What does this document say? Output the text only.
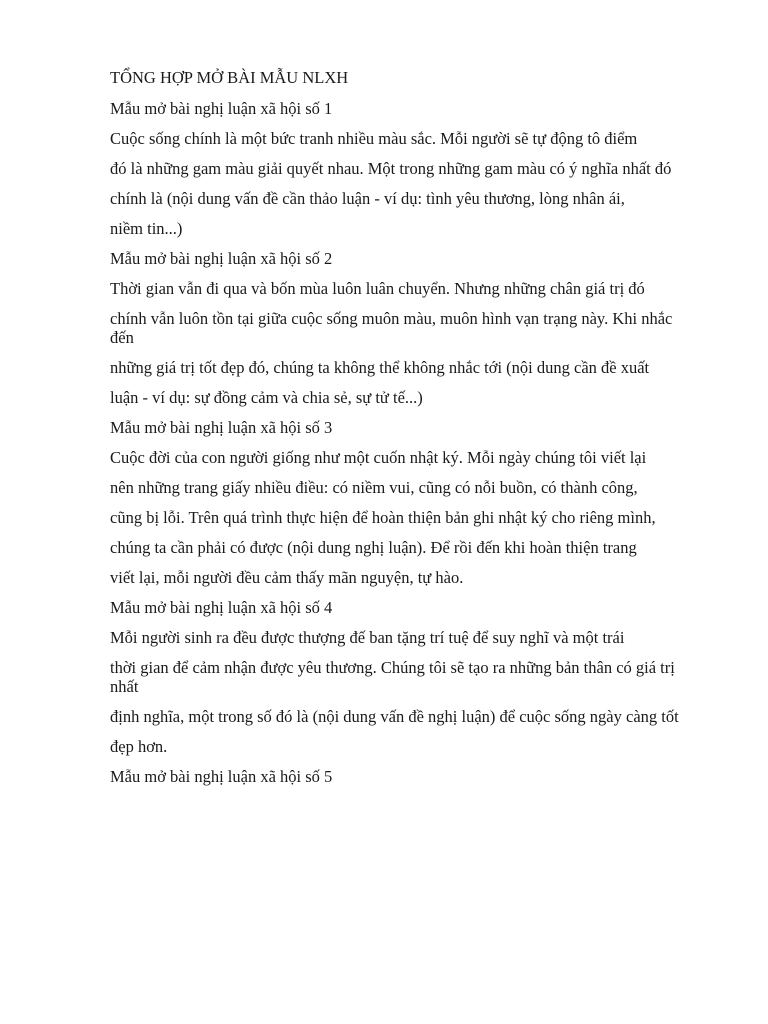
TỔNG HỢP MỞ BÀI MẪU NLXH
Mẫu mở bài nghị luận xã hội số 1
Cuộc sống chính là một bức tranh nhiều màu sắc. Mỗi người sẽ tự động tô điểm
đó là những gam màu giải quyết nhau. Một trong những gam màu có ý nghĩa nhất đó
chính là (nội dung vấn đề cần thảo luận - ví dụ: tình yêu thương, lòng nhân ái,
niềm tin...)
Mẫu mở bài nghị luận xã hội số 2
Thời gian vẫn đi qua và bốn mùa luôn luân chuyển. Nhưng những chân giá trị đó
chính vẫn luôn tồn tại giữa cuộc sống muôn màu, muôn hình vạn trạng này. Khi nhắc đến
những giá trị tốt đẹp đó, chúng ta không thể không nhắc tới (nội dung cần đề xuất
luận - ví dụ: sự đồng cảm và chia sẻ, sự tử tế...)
Mẫu mở bài nghị luận xã hội số 3
Cuộc đời của con người giống như một cuốn nhật ký. Mỗi ngày chúng tôi viết lại
nên những trang giấy nhiều điều: có niềm vui, cũng có nỗi buồn, có thành công,
cũng bị lỗi. Trên quá trình thực hiện để hoàn thiện bản ghi nhật ký cho riêng mình,
chúng ta cần phải có được (nội dung nghị luận). Để rồi đến khi hoàn thiện trang
viết lại, mỗi người đều cảm thấy mãn nguyện, tự hào.
Mẫu mở bài nghị luận xã hội số 4
Mỗi người sinh ra đều được thượng đế ban tặng trí tuệ để suy nghĩ và một trái
thời gian để cảm nhận được yêu thương. Chúng tôi sẽ tạo ra những bản thân có giá trị nhất
định nghĩa, một trong số đó là (nội dung vấn đề nghị luận) để cuộc sống ngày càng tốt
đẹp hơn.
Mẫu mở bài nghị luận xã hội số 5
